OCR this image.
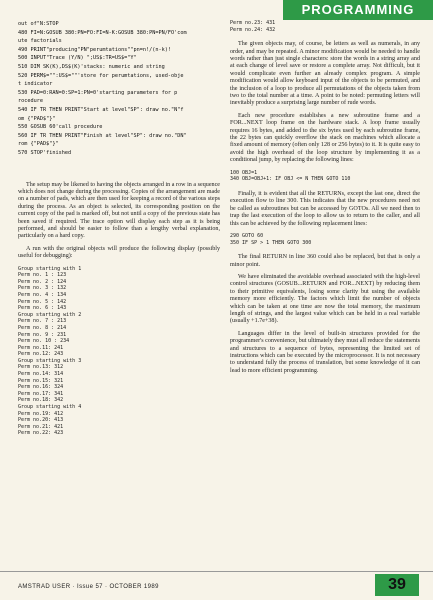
PROGRAMMING
out of"N:STOP
480 FI=N:GOSUB 380:PN=FO:FI=N-K:GOSUB 380:PN=PN/FO'com
ute factorials
490 PRINT"producing"PN"perumtations""pn=n!/(n-k)!
500 INPUT"Trace (Y/N) ";US$:TR=US$="Y"
510 DIM SK(K),DS$(K)'stacks: numeric and string
520 PERM$="":US$=""'store for perumtations, used-obje
t indicator
530 PAD=0:RAN=0:SP=1:PN=0'starting parameters for p
rocedure
540 IF TR THEN PRINT"Start at level"SP": draw no."N"f
om {"PAD$"}"
550 GOSUB 60'call procedure
560 IF TR THEN PRINT"Finish at level"SP": draw no."DN"
rom {"PAD$"}"
570 STOP'finished

The setup may be likened to having the objects arranged in a row in a sequence which does not change during the processing. Copies of the arrangement are made on a number of pads, which are then used for keeping a record of the various steps during the process. As an object is selected, its corresponding position on the current copy of the pad is marked off, but not until a copy of the previous state has been saved if required. The trace option will display each step as it is being performed, and should be easier to follow than a lengthy verbal explanation, particularly on a hard copy.

A run with the original objects will produce the following display (possibly useful for debugging):

Group starting with 1
Perm no. 1 : 123
Perm no. 2 : 124
Perm no. 3 : 132
Perm no. 4 : 134
Perm no. 5 : 142
Perm no. 6 : 143
Group starting with 2
Perm no. 7 : 213
Perm no. 8 : 214
Perm no. 9 : 231
Perm no. 10 : 234
Perm no.11: 241
Perm no.12: 243
Group starting with 3
Perm no.13: 312
Perm no.14: 314
Perm no.15: 321
Perm no.16: 324
Perm no.17: 341
Perm no.18: 342
Group starting with 4
Perm no.19: 412
Perm no.20: 413
Perm no.21: 421
Perm no.22: 423
Perm no.23: 431
Perm no.24: 432

The given objects may, of course, be letters as well as numerals, in any order, and may be repeated. A minor modification would be needed to handle words rather than just single characters: store the words in a string array and at each change of level save or restore a complete array. Not difficult, but it would complicate even further an already complex program. A simple modification would allow keyboard input of the objects to be permuted, and the inclusion of a loop to produce all permutations of the objects taken from two to the total number at a time. A point to be noted: permuting letters will inevitably produce a surprising large number of rude words.

Each new procedure establishes a new subroutine frame and a FOR...NEXT loop frame on the hardware stack. A loop frame usually requires 16 bytes, and added to the six bytes used by each subroutine frame, the 22 bytes can quickly overflow the stack on machines which allocate a fixed amount of memory (often only 128 or 256 bytes) to it. It is quite easy to avoid the high overhead of the loop structure by implementing it as a conditional jump, by replacing the following lines:

100 OBJ=1
340 OBJ=OBJ+1: IF OBJ <= N THEN GOTO 110

Finally, it is evident that all the RETURNs, except the last one, direct the execution flow to line 300. This indicates that the new procedures need not be called as subroutines but can be accessed by GOTOs. All we need then to trap the last execution of the loop to allow us to return to the caller, and all this can be achieved by the following replacement lines:

290 GOTO 60
350 IF SP > 1 THEN GOTO 300

The final RETURN in line 360 could also be replaced, but that is only a minor point.

We have eliminated the avoidable overhead associated with the high-level control structures (GOSUB...RETURN and FOR...NEXT) by reducing them to their primitive equivalents, losing some clarity but using the available memory more efficiently. The factors which limit the number of objects which can be taken at one time are now the total memory, the maximum length of strings, and the largest value which can be held in a real variable (usually +1.7e+38).

Languages differ in the level of built-in structures provided for the programmer's convenience, but ultimately they must all reduce the statements and structures to a sequence of bytes, representing the limited set of instructions which can be executed by the microprocessor. It is not necessary to understand fully the process of translation, but some knowledge of it can lead to more efficient programming.

AMSTRAD USER · Issue 57 · OCTOBER 1989	39
